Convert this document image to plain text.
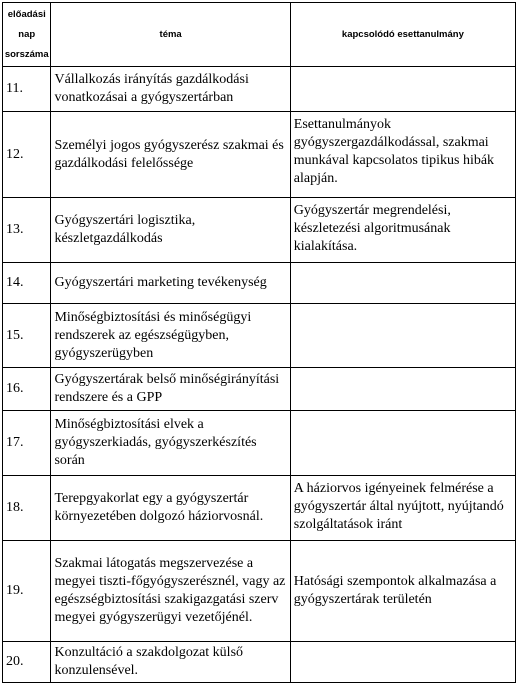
előadási
nap
sorszáma	téma	kapcsolódó esettanulmány
11.	Vállalkozás irányítás gazdálkodási vonatkozásai a gyógyszertárban	
12.	Személyi jogos gyógyszerész szakmai és gazdálkodási felelőssége	Esettanulmányok gyógyszergazdálkodással, szakmai munkával kapcsolatos tipikus hibák alapján.
13.	Gyógyszertári logisztika, készletgazdálkodás	Gyógyszertár megrendelési, készletezési algoritmusának kialakítása.
14.	Gyógyszertári marketing tevékenység	
15.	Minőségbiztosítási és minőségügyi rendszerek az egészségügyben, gyógyszerügyben	
16.	Gyógyszertárak belső minőségirányítási rendszere és a GPP	
17.	Minőségbiztosítási elvek a gyógyszerkiadás, gyógyszerkészítés során	
18.	Terepgyakorlat egy a gyógyszertár környezetében dolgozó háziorvosnál.	A háziorvos igényeinek felmérése a gyógyszertár által nyújtott, nyújtandó szolgáltatások iránt
19.	Szakmai látogatás megszervezése a megyei tiszti-főgyógyszerésznél, vagy az egészségbiztosítási szakigazgatási szerv megyei gyógyszerügyi vezetőjénél.	Hatósági szempontok alkalmazása a gyógyszertárak területén
20.	Konzultáció a szakdolgozat külső konzulensével.	
